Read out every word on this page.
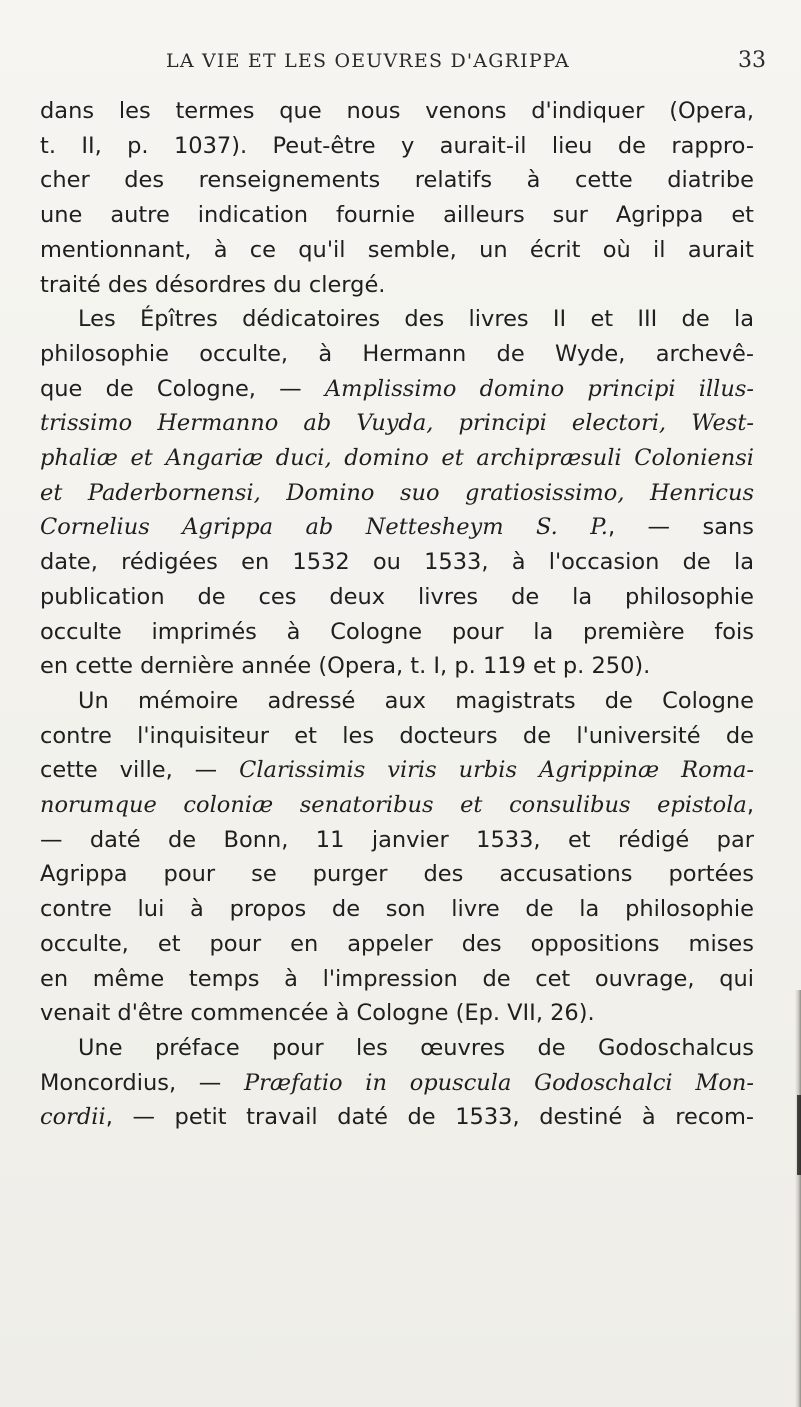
LA VIE ET LES OEUVRES D'AGRIPPA	33
dans les termes que nous venons d'indiquer (Opera,
t. II, p. 1037). Peut-être y aurait-il lieu de rappro-
cher des renseignements relatifs à cette diatribe
une autre indication fournie ailleurs sur Agrippa et
mentionnant, à ce qu'il semble, un écrit où il aurait
traité des désordres du clergé.
Les Épîtres dédicatoires des livres II et III de la
philosophie occulte, à Hermann de Wyde, archevê-
que de Cologne, — Amplissimo domino principi illus-
trissimo Hermanno ab Vuyda, principi electori, West-
phaliæ et Angariæ duci, domino et archipræsuli Coloniensi
et Paderbornensi, Domino suo gratiosissimo, Henricus
Cornelius Agrippa ab Nettesheym S. P., — sans
date, rédigées en 1532 ou 1533, à l'occasion de la
publication de ces deux livres de la philosophie
occulte imprimés à Cologne pour la première fois
en cette dernière année (Opera, t. I, p. 119 et p. 250).
Un mémoire adressé aux magistrats de Cologne
contre l'inquisiteur et les docteurs de l'université de
cette ville, — Clarissimis viris urbis Agrippinæ Roma-
norumque coloniæ senatoribus et consulibus epistola,
— daté de Bonn, 11 janvier 1533, et rédigé par
Agrippa pour se purger des accusations portées
contre lui à propos de son livre de la philosophie
occulte, et pour en appeler des oppositions mises
en même temps à l'impression de cet ouvrage, qui
venait d'être commencée à Cologne (Ep. VII, 26).
Une préface pour les œuvres de Godoschalcus
Moncordius, — Præfatio in opuscula Godoschalci Mon-
cordii, — petit travail daté de 1533, destiné à recom-
